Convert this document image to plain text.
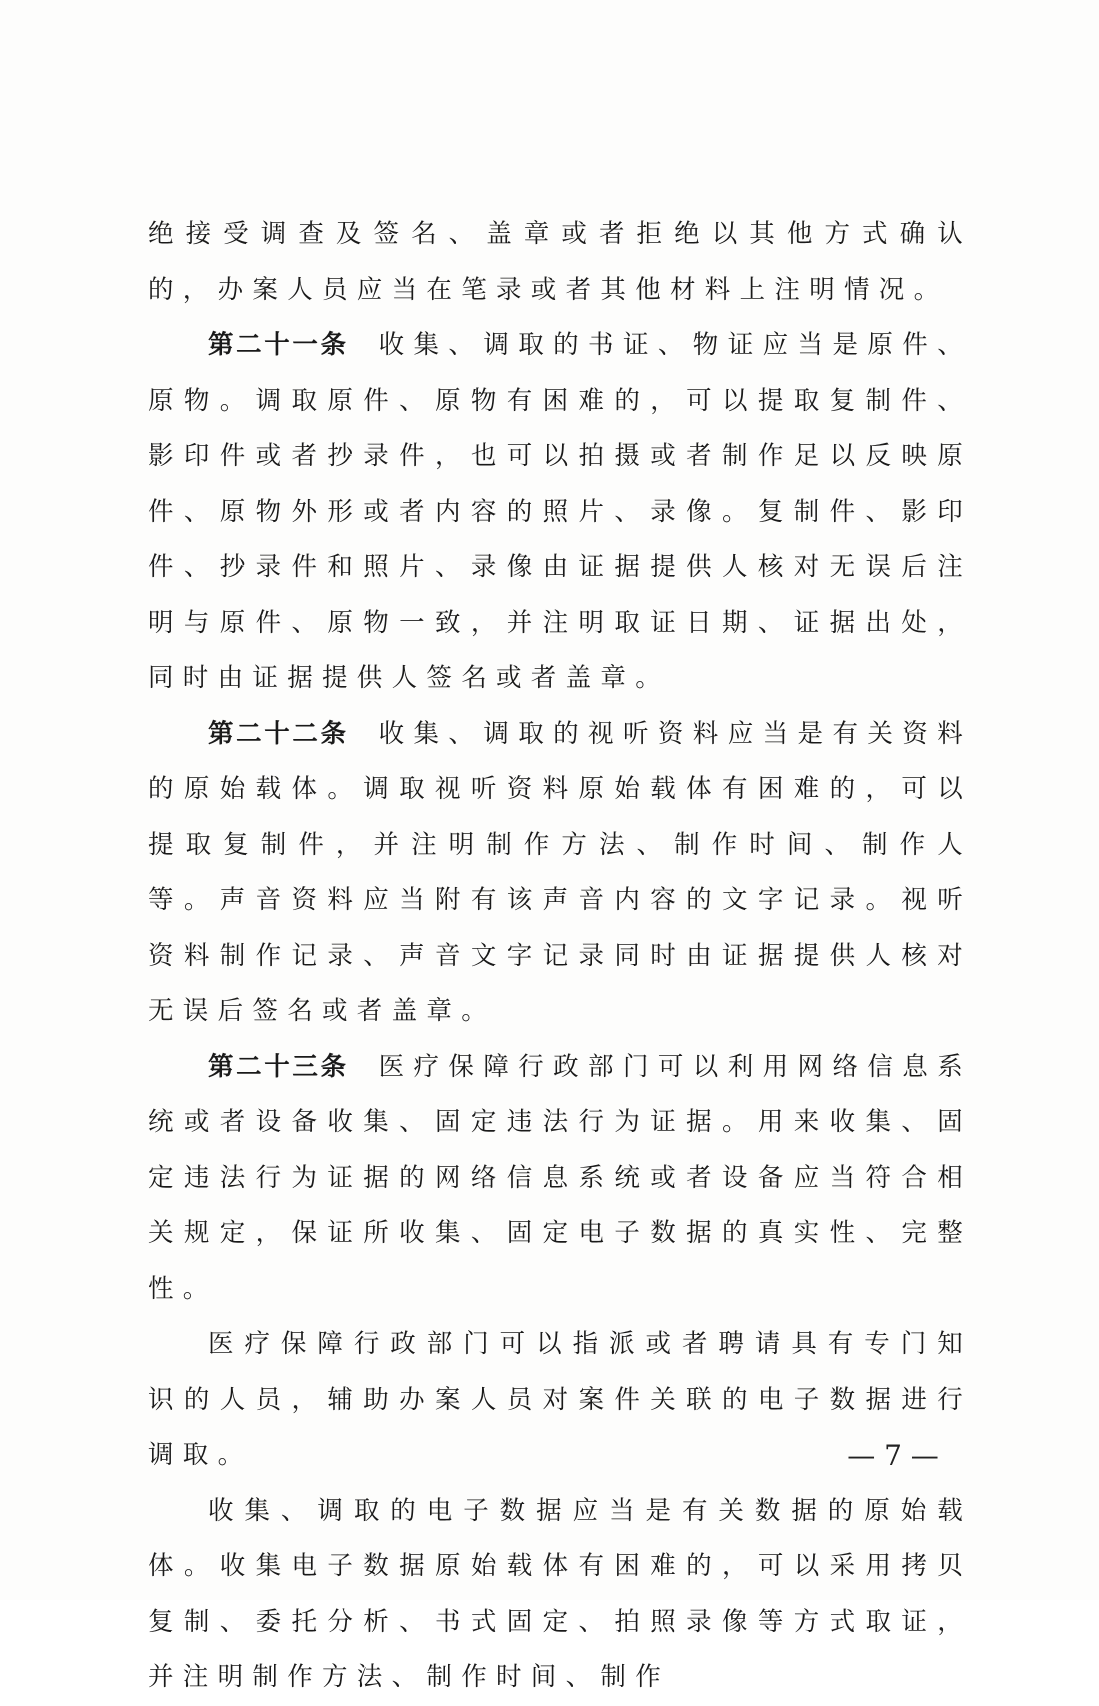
绝接受调查及签名、盖章或者拒绝以其他方式确认的，办案人员应当在笔录或者其他材料上注明情况。

第二十一条 收集、调取的书证、物证应当是原件、原物。调取原件、原物有困难的，可以提取复制件、影印件或者抄录件，也可以拍摄或者制作足以反映原件、原物外形或者内容的照片、录像。复制件、影印件、抄录件和照片、录像由证据提供人核对无误后注明与原件、原物一致，并注明取证日期、证据出处，同时由证据提供人签名或者盖章。

第二十二条 收集、调取的视听资料应当是有关资料的原始载体。调取视听资料原始载体有困难的，可以提取复制件，并注明制作方法、制作时间、制作人等。声音资料应当附有该声音内容的文字记录。视听资料制作记录、声音文字记录同时由证据提供人核对无误后签名或者盖章。

第二十三条 医疗保障行政部门可以利用网络信息系统或者设备收集、固定违法行为证据。用来收集、固定违法行为证据的网络信息系统或者设备应当符合相关规定，保证所收集、固定电子数据的真实性、完整性。

医疗保障行政部门可以指派或者聘请具有专门知识的人员，辅助办案人员对案件关联的电子数据进行调取。

收集、调取的电子数据应当是有关数据的原始载体。收集电子数据原始载体有困难的，可以采用拷贝复制、委托分析、书式固定、拍照录像等方式取证，并注明制作方法、制作时间、制作

— 7 —
